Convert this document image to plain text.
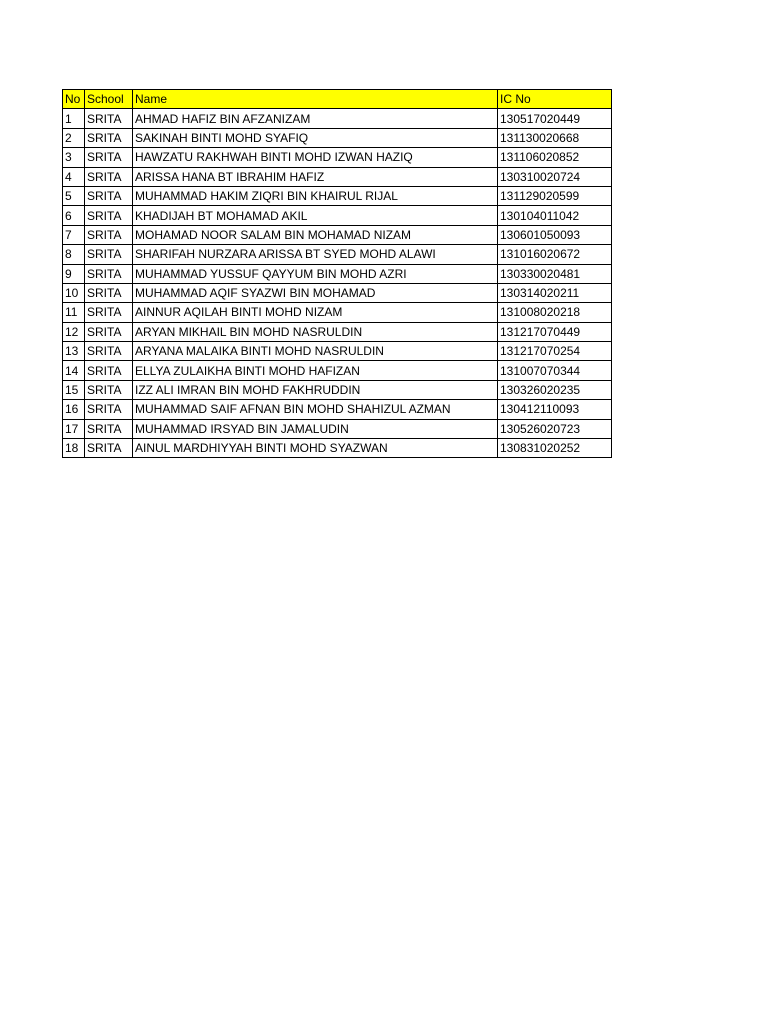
No	School	Name	IC No
1	SRITA	AHMAD HAFIZ BIN AFZANIZAM	130517020449
2	SRITA	SAKINAH BINTI MOHD SYAFIQ	131130020668
3	SRITA	HAWZATU RAKHWAH BINTI MOHD IZWAN HAZIQ	131106020852
4	SRITA	ARISSA HANA BT IBRAHIM HAFIZ	130310020724
5	SRITA	MUHAMMAD HAKIM ZIQRI BIN KHAIRUL RIJAL	131129020599
6	SRITA	KHADIJAH BT MOHAMAD AKIL	130104011042
7	SRITA	MOHAMAD NOOR SALAM BIN MOHAMAD NIZAM	130601050093
8	SRITA	SHARIFAH NURZARA ARISSA BT SYED MOHD ALAWI	131016020672
9	SRITA	MUHAMMAD YUSSUF QAYYUM BIN MOHD AZRI	130330020481
10	SRITA	MUHAMMAD AQIF SYAZWI BIN MOHAMAD	130314020211
11	SRITA	AINNUR AQILAH BINTI MOHD NIZAM	131008020218
12	SRITA	ARYAN MIKHAIL BIN MOHD NASRULDIN	131217070449
13	SRITA	ARYANA MALAIKA BINTI MOHD NASRULDIN	131217070254
14	SRITA	ELLYA ZULAIKHA BINTI MOHD HAFIZAN	131007070344
15	SRITA	IZZ ALI IMRAN BIN MOHD FAKHRUDDIN	130326020235
16	SRITA	MUHAMMAD SAIF AFNAN BIN MOHD SHAHIZUL AZMAN	130412110093
17	SRITA	MUHAMMAD IRSYAD BIN JAMALUDIN	130526020723
18	SRITA	AINUL MARDHIYYAH BINTI MOHD SYAZWAN	130831020252
